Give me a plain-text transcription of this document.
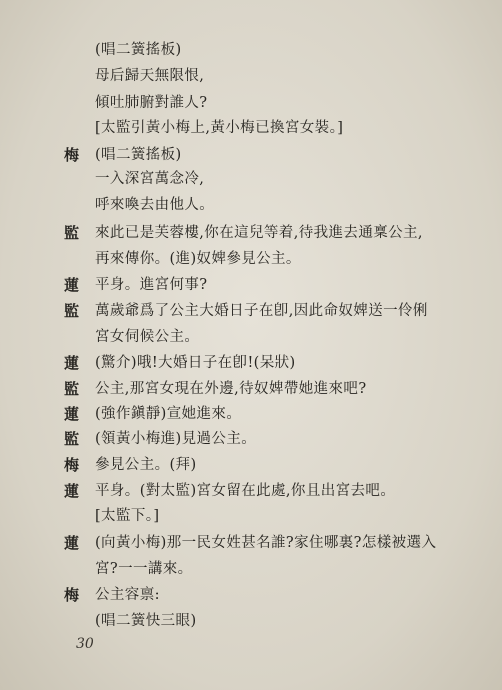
(唱二簧搖板)
母后歸天無限恨,
傾吐肺腑對誰人?
[太監引黃小梅上,黃小梅已換宮女裝。]
梅	(唱二簧搖板)
一入深宮萬念冷,
呼來喚去由他人。
監	來此已是芙蓉樓,你在這兒等着,待我進去通稟公主,
再來傳你。(進)奴婢參見公主。
蓮	平身。進宮何事?
監	萬歲爺爲了公主大婚日子在卽,因此命奴婢送一伶俐
宮女伺候公主。
蓮	(驚介)哦!大婚日子在卽!(呆狀)
監	公主,那宮女現在外邊,待奴婢帶她進來吧?
蓮	(強作鎭靜)宣她進來。
監	(領黃小梅進)見過公主。
梅	參見公主。(拜)
蓮	平身。(對太監)宮女留在此處,你且出宮去吧。
[太監下。]
蓮	(向黃小梅)那一民女姓甚名誰?家住哪裏?怎樣被選入
宮?一一講來。
梅	公主容禀:
(唱二簧快三眼)
30
